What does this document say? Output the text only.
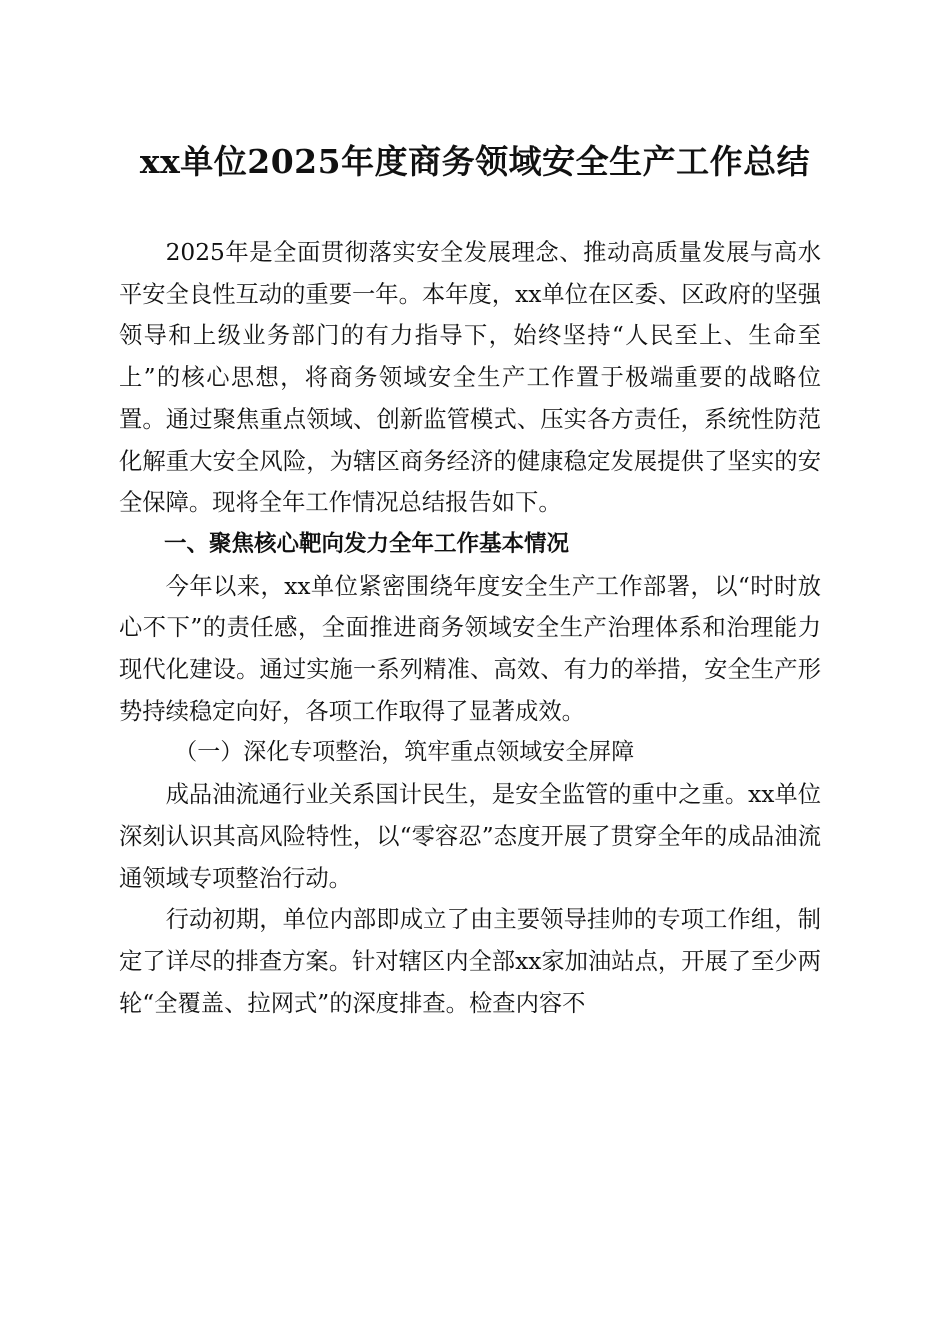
xx单位2025年度商务领域安全生产工作总结

2025年是全面贯彻落实安全发展理念、推动高质量发展与高水平安全良性互动的重要一年。本年度，xx单位在区委、区政府的坚强领导和上级业务部门的有力指导下，始终坚持“人民至上、生命至上”的核心思想，将商务领域安全生产工作置于极端重要的战略位置。通过聚焦重点领域、创新监管模式、压实各方责任，系统性防范化解重大安全风险，为辖区商务经济的健康稳定发展提供了坚实的安全保障。现将全年工作情况总结报告如下。

一、聚焦核心靶向发力全年工作基本情况

今年以来，xx单位紧密围绕年度安全生产工作部署，以“时时放心不下”的责任感，全面推进商务领域安全生产治理体系和治理能力现代化建设。通过实施一系列精准、高效、有力的举措，安全生产形势持续稳定向好，各项工作取得了显著成效。

（一）深化专项整治，筑牢重点领域安全屏障

成品油流通行业关系国计民生，是安全监管的重中之重。xx单位深刻认识其高风险特性，以“零容忍”态度开展了贯穿全年的成品油流通领域专项整治行动。

行动初期，单位内部即成立了由主要领导挂帅的专项工作组，制定了详尽的排查方案。针对辖区内全部xx家加油站点，开展了至少两轮“全覆盖、拉网式”的深度排查。检查内容不
